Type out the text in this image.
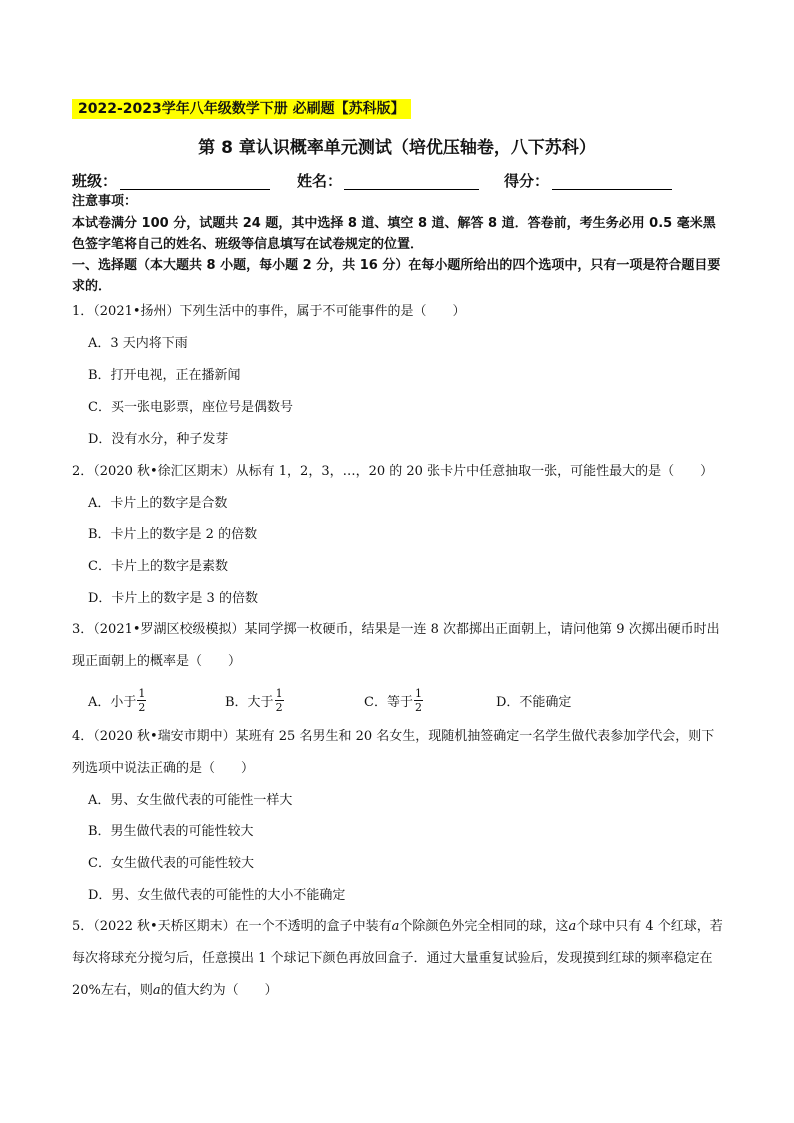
2022-2023学年八年级数学下册 必刷题【苏科版】
第 8 章认识概率单元测试（培优压轴卷，八下苏科）
班级：	姓名：	得分：
注意事项：
本试卷满分 100 分，试题共 24 题，其中选择 8 道、填空 8 道、解答 8 道．答卷前，考生务必用 0.5 毫米黑色签字笔将自己的姓名、班级等信息填写在试卷规定的位置．
一、选择题（本大题共 8 小题，每小题 2 分，共 16 分）在每小题所给出的四个选项中，只有一项是符合题目要求的．
1．（2021•扬州）下列生活中的事件，属于不可能事件的是（　　）
A．3 天内将下雨
B．打开电视，正在播新闻
C．买一张电影票，座位号是偶数号
D．没有水分，种子发芽
2．（2020 秋•徐汇区期末）从标有 1，2，3，…，20 的 20 张卡片中任意抽取一张，可能性最大的是（　　）
A．卡片上的数字是合数
B．卡片上的数字是 2 的倍数
C．卡片上的数字是素数
D．卡片上的数字是 3 的倍数
3．（2021•罗湖区校级模拟）某同学掷一枚硬币，结果是一连 8 次都掷出正面朝上，请问他第 9 次掷出硬币时出现正面朝上的概率是（　　）
A．小于 $\frac{1}{2}$	B．大于 $\frac{1}{2}$	C．等于 $\frac{1}{2}$	D．不能确定
4．（2020 秋•瑞安市期中）某班有 25 名男生和 20 名女生，现随机抽签确定一名学生做代表参加学代会，则下列选项中说法正确的是（　　）
A．男、女生做代表的可能性一样大
B．男生做代表的可能性较大
C．女生做代表的可能性较大
D．男、女生做代表的可能性的大小不能确定
5．（2022 秋•天桥区期末）在一个不透明的盒子中装有a个除颜色外完全相同的球，这a个球中只有 4 个红球，若每次将球充分搅匀后，任意摸出 1 个球记下颜色再放回盒子．通过大量重复试验后，发现摸到红球的频率稳定在 20%左右，则a的值大约为（　　）
